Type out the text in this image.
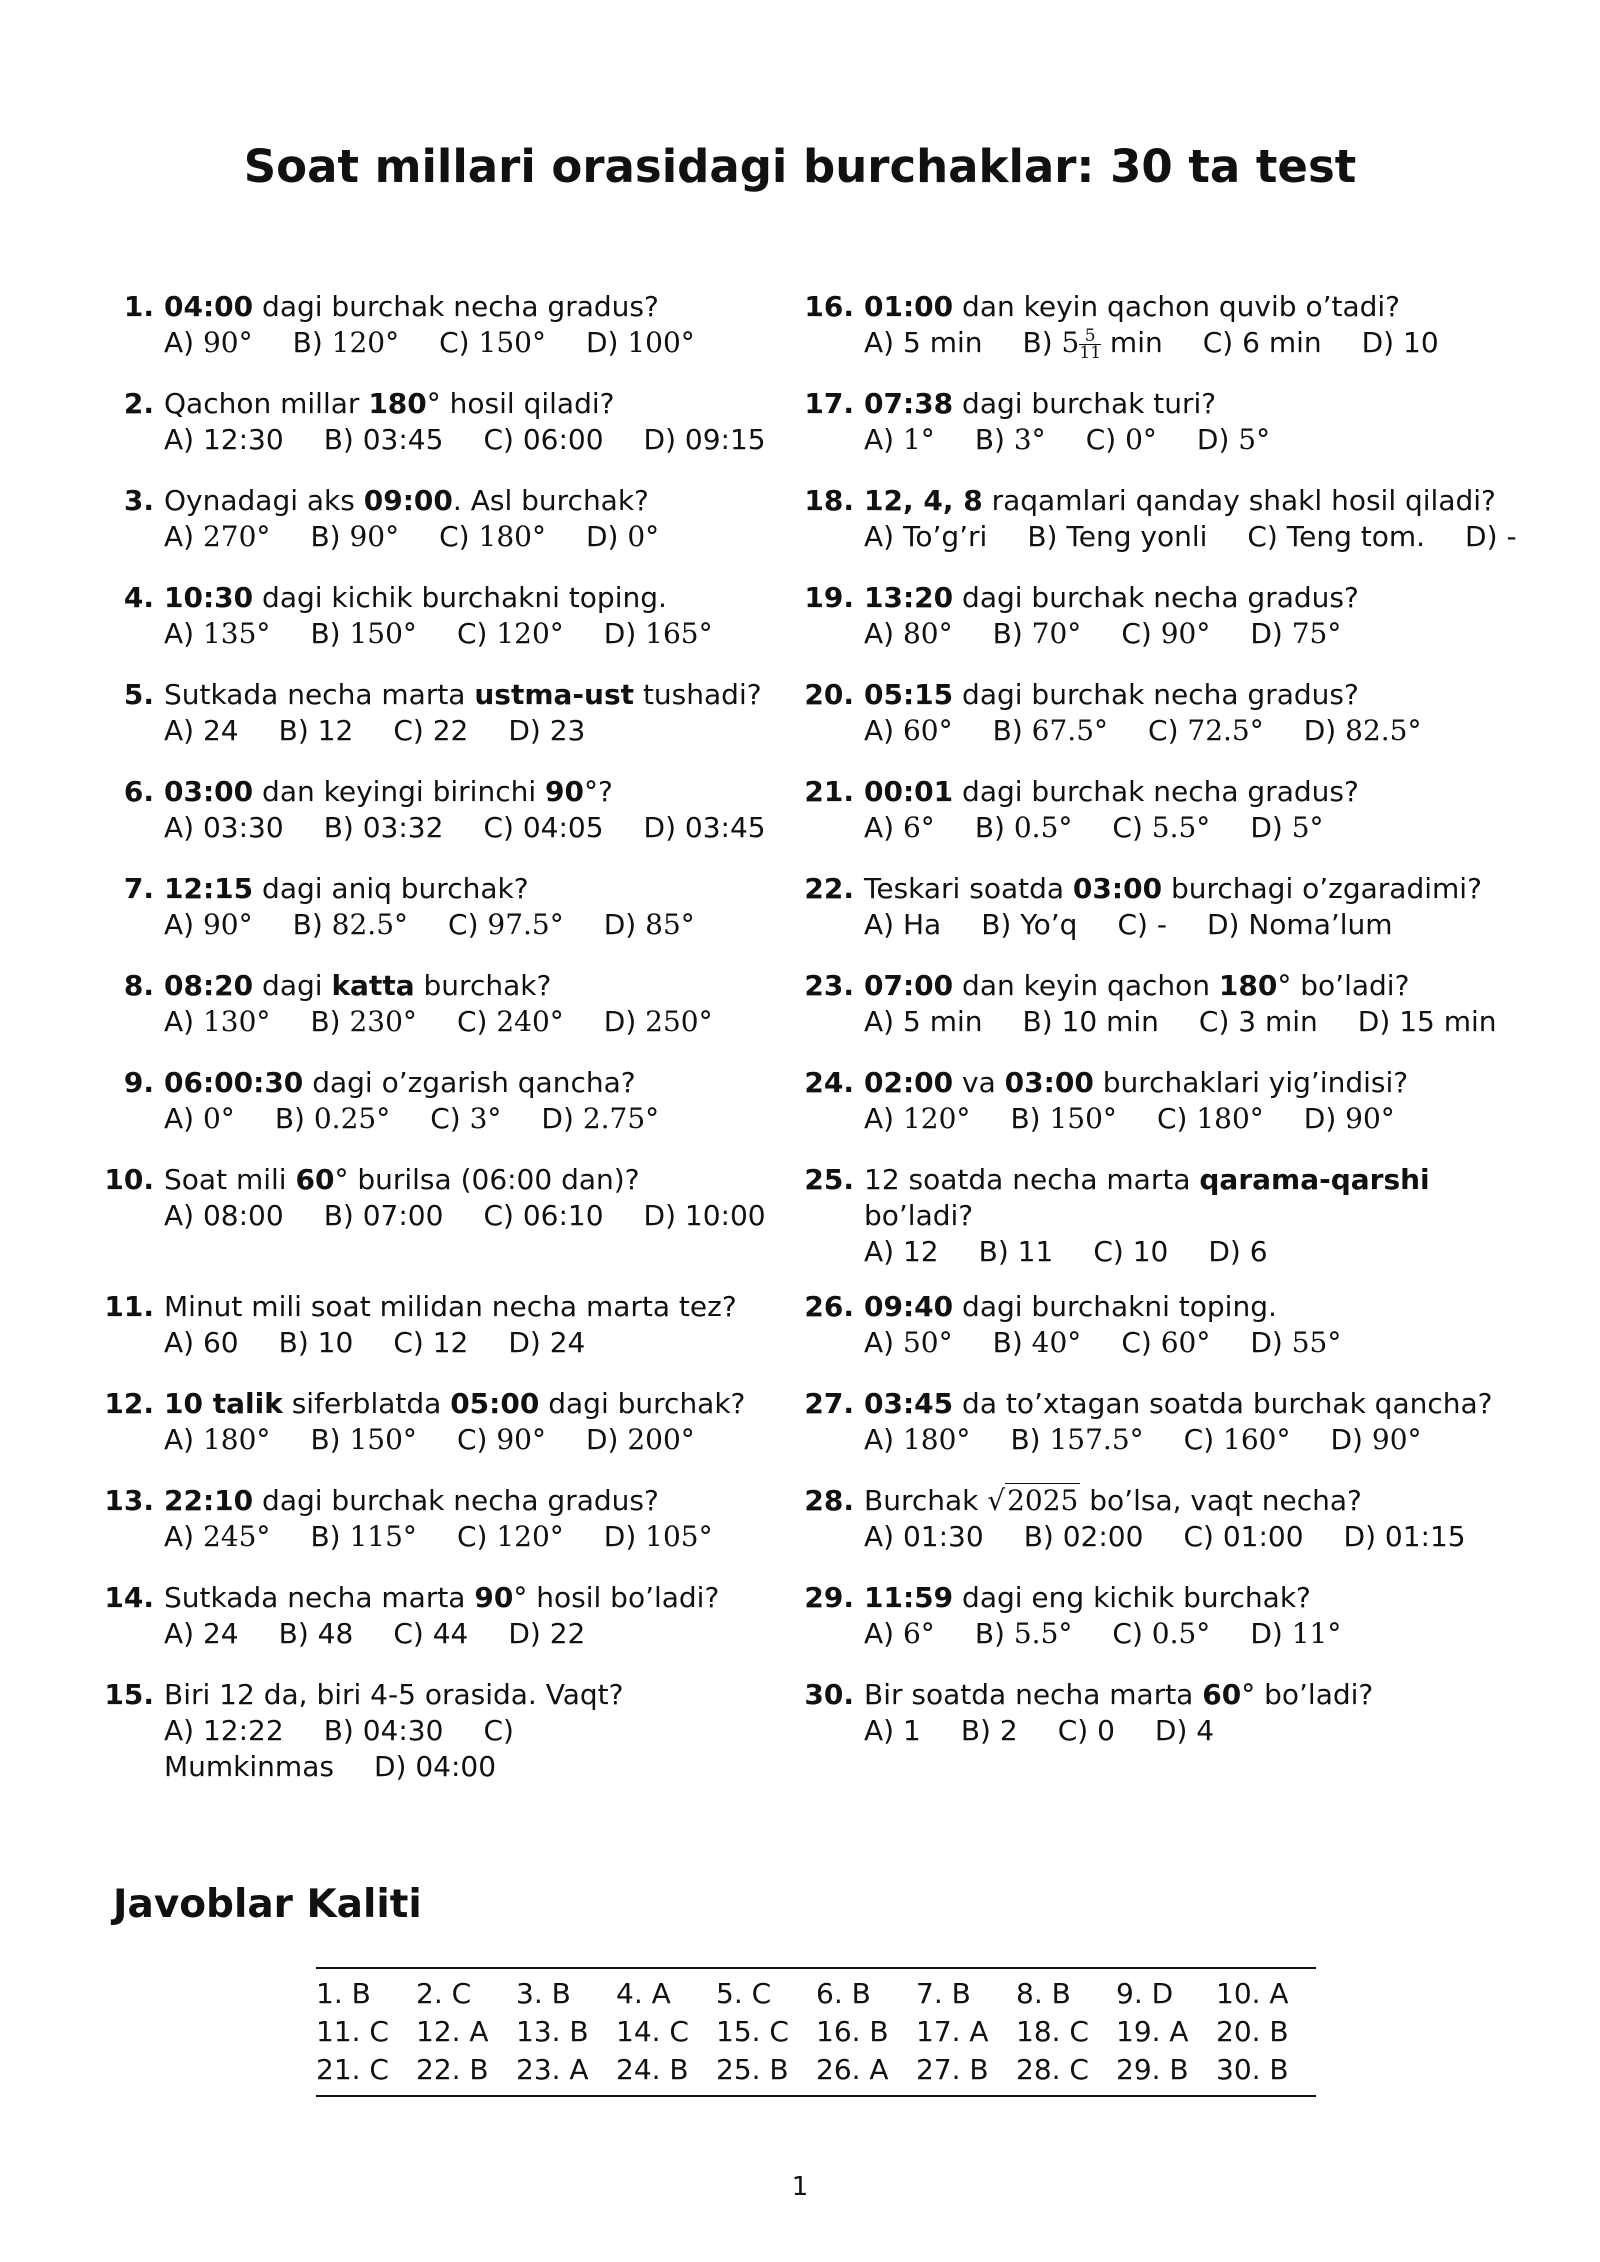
Soat millari orasidagi burchaklar: 30 ta test
1. 04:00 dagi burchak necha gradus?
A) 90° B) 120° C) 150° D) 100°
2. Qachon millar 180° hosil qiladi?
A) 12:30 B) 03:45 C) 06:00 D) 09:15
3. Oynadagi aks 09:00. Asl burchak?
A) 270° B) 90° C) 180° D) 0°
4. 10:30 dagi kichik burchakni toping.
A) 135° B) 150° C) 120° D) 165°
5. Sutkada necha marta ustma-ust tushadi?
A) 24 B) 12 C) 22 D) 23
6. 03:00 dan keyingi birinchi 90°?
A) 03:30 B) 03:32 C) 04:05 D) 03:45
7. 12:15 dagi aniq burchak?
A) 90° B) 82.5° C) 97.5° D) 85°
8. 08:20 dagi katta burchak?
A) 130° B) 230° C) 240° D) 250°
9. 06:00:30 dagi o’zgarish qancha?
A) 0° B) 0.25° C) 3° D) 2.75°
10. Soat mili 60° burilsa (06:00 dan)?
A) 08:00 B) 07:00 C) 06:10 D) 10:00
11. Minut mili soat milidan necha marta tez?
A) 60 B) 10 C) 12 D) 24
12. 10 talik siferblatda 05:00 dagi burchak?
A) 180° B) 150° C) 90° D) 200°
13. 22:10 dagi burchak necha gradus?
A) 245° B) 115° C) 120° D) 105°
14. Sutkada necha marta 90° hosil bo’ladi?
A) 24 B) 48 C) 44 D) 22
15. Biri 12 da, biri 4-5 orasida. Vaqt?
A) 12:22 B) 04:30 C) Mumkinmas D) 04:00
16. 01:00 dan keyin qachon quvib o’tadi?
A) 5 min B) $5 \frac{5}{11}$ min C) 6 min D) 10
17. 07:38 dagi burchak turi?
A) 1° B) 3° C) 0° D) 5°
18. 12, 4, 8 raqamlari qanday shakl hosil qiladi?
A) To’g’ri B) Teng yonli C) Teng tom. D) -
19. 13:20 dagi burchak necha gradus?
A) 80° B) 70° C) 90° D) 75°
20. 05:15 dagi burchak necha gradus?
A) 60° B) 67.5° C) 72.5° D) 82.5°
21. 00:01 dagi burchak necha gradus?
A) 6° B) 0.5° C) 5.5° D) 5°
22. Teskari soatda 03:00 burchagi o’zgaradimi?
A) Ha B) Yo’q C) - D) Noma’lum
23. 07:00 dan keyin qachon 180° bo’ladi?
A) 5 min B) 10 min C) 3 min D) 15 min
24. 02:00 va 03:00 burchaklari yig’indisi?
A) 120° B) 150° C) 180° D) 90°
25. 12 soatda necha marta qarama-qarshi bo’ladi?
A) 12 B) 11 C) 10 D) 6
26. 09:40 dagi burchakni toping.
A) 50° B) 40° C) 60° D) 55°
27. 03:45 da to’xtagan soatda burchak qancha?
A) 180° B) 157.5° C) 160° D) 90°
28. Burchak √2025 bo’lsa, vaqt necha?
A) 01:30 B) 02:00 C) 01:00 D) 01:15
29. 11:59 dagi eng kichik burchak?
A) 6° B) 5.5° C) 0.5° D) 11°
30. Bir soatda necha marta 60° bo’ladi?
A) 1 B) 2 C) 0 D) 4
Javoblar Kaliti
1. B	2. C	3. B	4. A	5. C	6. B	7. B	8. B	9. D	10. A
11. C	12. A	13. B	14. C	15. C	16. B	17. A	18. C	19. A	20. B
21. C	22. B	23. A	24. B	25. B	26. A	27. B	28. C	29. B	30. B
1
